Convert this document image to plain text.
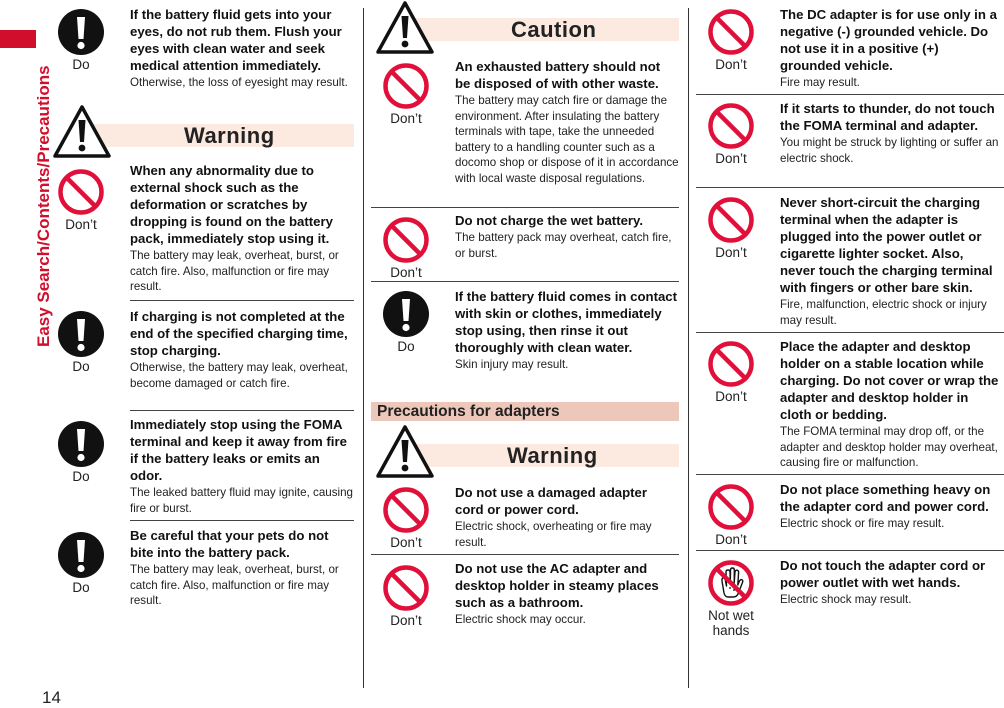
Easy Search/Contents/Precautions
14
Do
If the battery fluid gets into your eyes, do not rub them. Flush your eyes with clean water and seek medical attention immediately.

Otherwise, the loss of eyesight may result.

Warning
Don’t
When any abnormality due to external shock such as the deformation or scratches by dropping is found on the battery pack, immediately stop using it.

The battery may leak, overheat, burst, or catch fire. Also, malfunction or fire may result.

Do
If charging is not completed at the end of the specified charging time, stop charging.

Otherwise, the battery may leak, overheat, become damaged or catch fire.

Do
Immediately stop using the FOMA terminal and keep it away from fire if the battery leaks or emits an odor.

The leaked battery fluid may ignite, causing fire or burst.

Do
Be careful that your pets do not bite into the battery pack.

The battery may leak, overheat, burst, or catch fire. Also, malfunction or fire may result.

Caution
Don’t
An exhausted battery should not be disposed of with other waste.

The battery may catch fire or damage the environment. After insulating the battery terminals with tape, take the unneeded battery to a handling counter such as a docomo shop or dispose of it in accordance with local waste disposal regulations.

Don’t
Do not charge the wet battery.

The battery pack may overheat, catch fire, or burst.

Do
If the battery fluid comes in contact with skin or clothes, immediately stop using, then rinse it out thoroughly with clean water.

Skin injury may result.

Precautions for adapters
Warning
Don’t
Do not use a damaged adapter cord or power cord.

Electric shock, overheating or fire may result.

Don’t
Do not use the AC adapter and desktop holder in steamy places such as a bathroom.

Electric shock may occur.

Don’t
The DC adapter is for use only in a negative (-) grounded vehicle. Do not use it in a positive (+) grounded vehicle.

Fire may result.

Don’t
If it starts to thunder, do not touch the FOMA terminal and adapter.

You might be struck by lighting or suffer an electric shock.

Don’t
Never short-circuit the charging terminal when the adapter is plugged into the power outlet or cigarette lighter socket. Also, never touch the charging terminal with fingers or other bare skin.

Fire, malfunction, electric shock or injury may result.

Don’t
Place the adapter and desktop holder on a stable location while charging. Do not cover or wrap the adapter and desktop holder in cloth or bedding.

The FOMA terminal may drop off, or the adapter and desktop holder may overheat, causing fire or malfunction.

Don’t
Do not place something heavy on the adapter cord and power cord.

Electric shock or fire may result.

Not wet
hands
Do not touch the adapter cord or power outlet with wet hands.

Electric shock may result.
